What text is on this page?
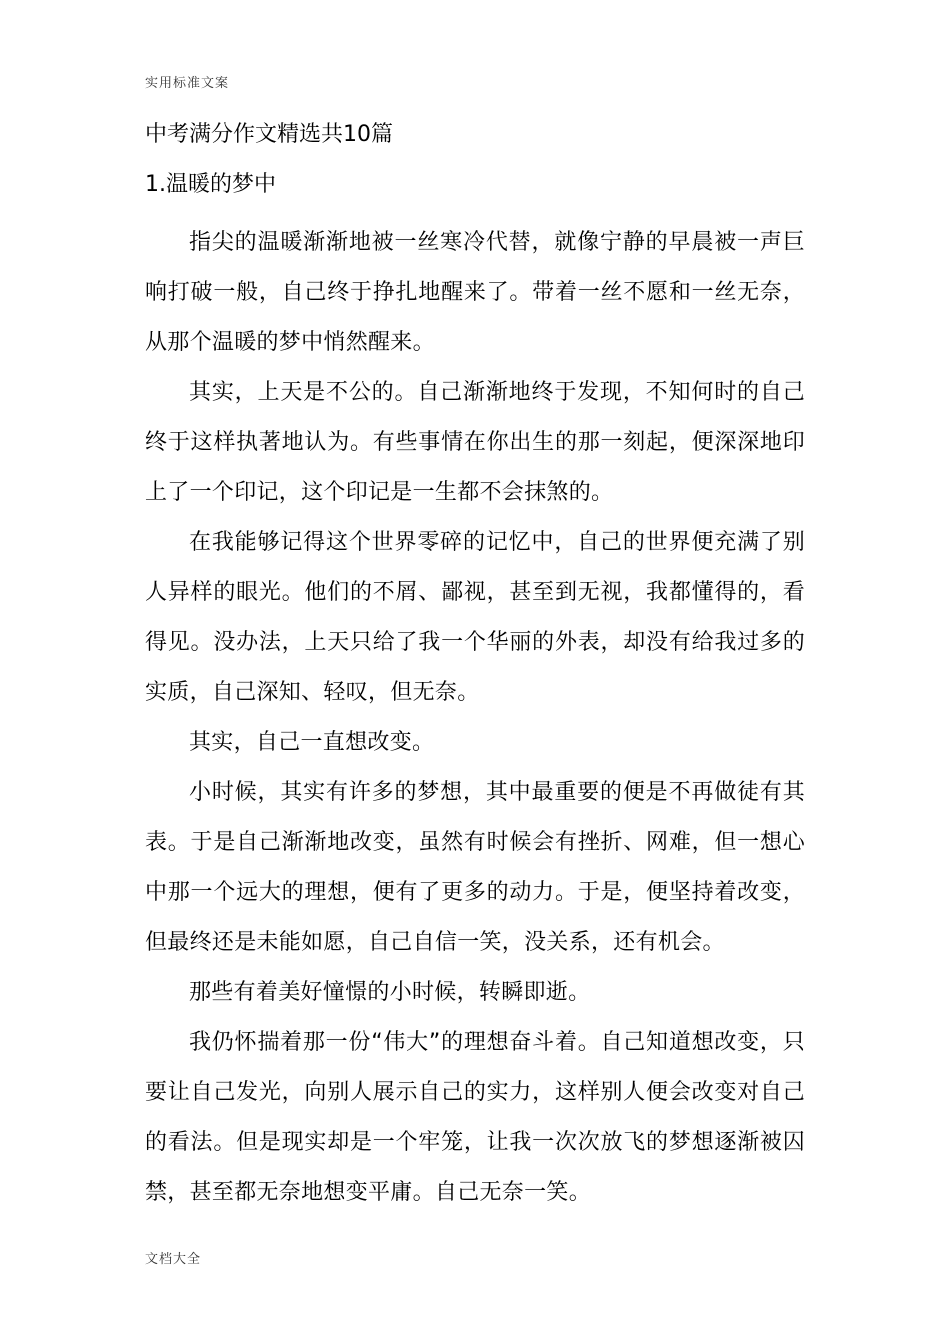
实用标准文案
中考满分作文精选共10篇
1.温暖的梦中

指尖的温暖渐渐地被一丝寒冷代替，就像宁静的早晨被一声巨响打破一般，自己终于挣扎地醒来了。带着一丝不愿和一丝无奈，从那个温暖的梦中悄然醒来。

其实，上天是不公的。自己渐渐地终于发现，不知何时的自己终于这样执著地认为。有些事情在你出生的那一刻起，便深深地印上了一个印记，这个印记是一生都不会抹煞的。

在我能够记得这个世界零碎的记忆中，自己的世界便充满了别人异样的眼光。他们的不屑、鄙视，甚至到无视，我都懂得的，看得见。没办法，上天只给了我一个华丽的外表，却没有给我过多的实质，自己深知、轻叹，但无奈。

其实，自己一直想改变。

小时候，其实有许多的梦想，其中最重要的便是不再做徒有其表。于是自己渐渐地改变，虽然有时候会有挫折、网难，但一想心中那一个远大的理想，便有了更多的动力。于是，便坚持着改变，但最终还是未能如愿，自己自信一笑，没关系，还有机会。

那些有着美好憧憬的小时候，转瞬即逝。

我仍怀揣着那一份“伟大”的理想奋斗着。自己知道想改变，只要让自己发光，向别人展示自己的实力，这样别人便会改变对自己的看法。但是现实却是一个牢笼，让我一次次放飞的梦想逐渐被囚禁，甚至都无奈地想变平庸。自己无奈一笑。

文档大全
